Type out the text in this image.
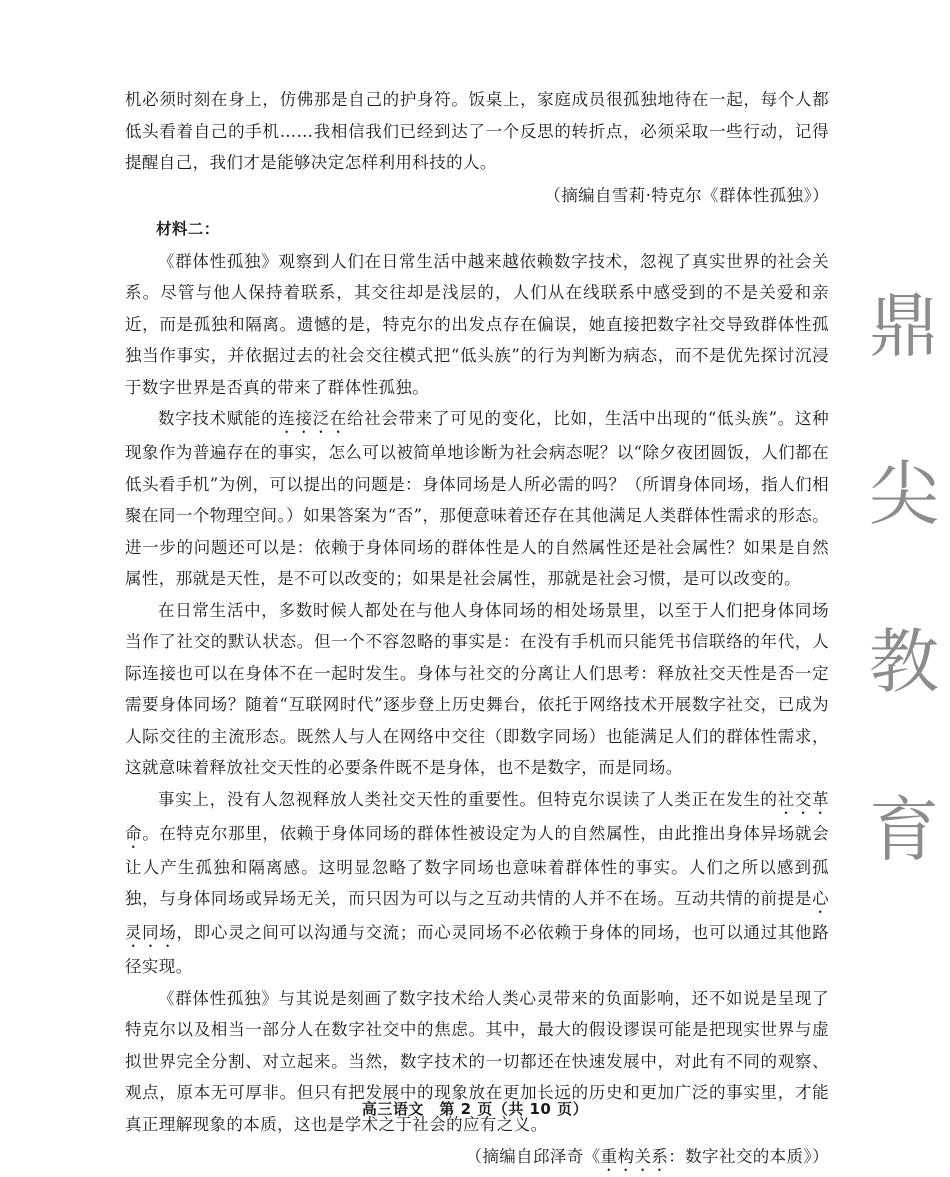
机必须时刻在身上，仿佛那是自己的护身符。饭桌上，家庭成员很孤独地待在一起，每个人都低头看着自己的手机……我相信我们已经到达了一个反思的转折点，必须采取一些行动，记得提醒自己，我们才是能够决定怎样利用科技的人。

（摘编自雪莉·特克尔《群体性孤独》）

材料二：

《群体性孤独》观察到人们在日常生活中越来越依赖数字技术，忽视了真实世界的社会关系。尽管与他人保持着联系，其交往却是浅层的，人们从在线联系中感受到的不是关爱和亲近，而是孤独和隔离。遗憾的是，特克尔的出发点存在偏误，她直接把数字社交导致群体性孤独当作事实，并依据过去的社会交往模式把“低头族”的行为判断为病态，而不是优先探讨沉浸于数字世界是否真的带来了群体性孤独。

数字技术赋能的连接泛在给社会带来了可见的变化，比如，生活中出现的“低头族”。这种现象作为普遍存在的事实，怎么可以被简单地诊断为社会病态呢？以“除夕夜团圆饭，人们都在低头看手机”为例，可以提出的问题是：身体同场是人所必需的吗？（所谓身体同场，指人们相聚在同一个物理空间。）如果答案为“否”，那便意味着还存在其他满足人类群体性需求的形态。进一步的问题还可以是：依赖于身体同场的群体性是人的自然属性还是社会属性？如果是自然属性，那就是天性，是不可以改变的；如果是社会属性，那就是社会习惯，是可以改变的。

在日常生活中，多数时候人都处在与他人身体同场的相处场景里，以至于人们把身体同场当作了社交的默认状态。但一个不容忽略的事实是：在没有手机而只能凭书信联络的年代，人际连接也可以在身体不在一起时发生。身体与社交的分离让人们思考：释放社交天性是否一定需要身体同场？随着“互联网时代”逐步登上历史舞台，依托于网络技术开展数字社交，已成为人际交往的主流形态。既然人与人在网络中交往（即数字同场）也能满足人们的群体性需求，这就意味着释放社交天性的必要条件既不是身体，也不是数字，而是同场。

事实上，没有人忽视释放人类社交天性的重要性。但特克尔误读了人类正在发生的社交革命。在特克尔那里，依赖于身体同场的群体性被设定为人的自然属性，由此推出身体异场就会让人产生孤独和隔离感。这明显忽略了数字同场也意味着群体性的事实。人们之所以感到孤独，与身体同场或异场无关，而只因为可以与之互动共情的人并不在场。互动共情的前提是心灵同场，即心灵之间可以沟通与交流；而心灵同场不必依赖于身体的同场，也可以通过其他路径实现。

《群体性孤独》与其说是刻画了数字技术给人类心灵带来的负面影响，还不如说是呈现了特克尔以及相当一部分人在数字社交中的焦虑。其中，最大的假设谬误可能是把现实世界与虚拟世界完全分割、对立起来。当然，数字技术的一切都还在快速发展中，对此有不同的观察、观点，原本无可厚非。但只有把发展中的现象放在更加长远的历史和更加广泛的事实里，才能真正理解现象的本质，这也是学术之于社会的应有之义。

（摘编自邱泽奇《重构关系：数字社交的本质》）

高三语文　第 2 页（共 10 页）
鼎
尖
教
育
